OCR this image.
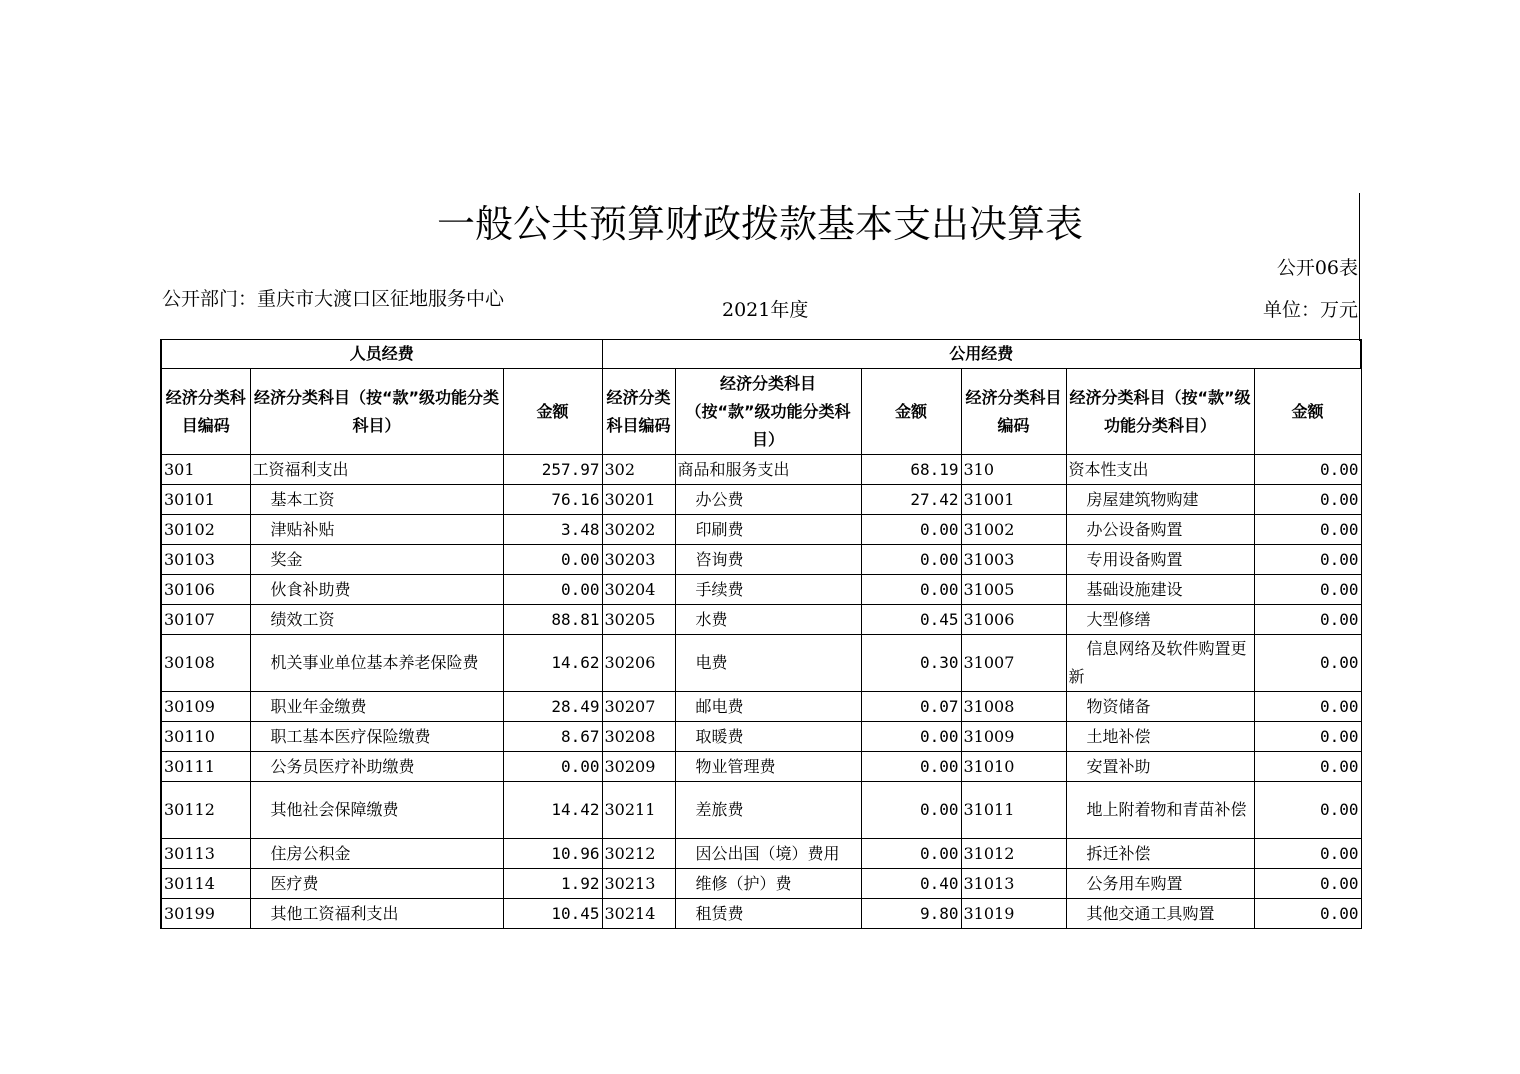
一般公共预算财政拨款基本支出决算表
公开06表
公开部门：重庆市大渡口区征地服务中心	2021年度	单位：万元
人员经费			公用经费					
经济分类科目编码	经济分类科目（按“款”级功能分类科目）	金额	经济分类科目编码	经济分类科目（按“款”级功能分类科目）	金额	经济分类科目编码	经济分类科目（按“款”级功能分类科目）	金额
301	工资福利支出	257.97	302	商品和服务支出	68.19	310	资本性支出	0.00
30101	基本工资	76.16	30201	办公费	27.42	31001	房屋建筑物购建	0.00
30102	津贴补贴	3.48	30202	印刷费	0.00	31002	办公设备购置	0.00
30103	奖金	0.00	30203	咨询费	0.00	31003	专用设备购置	0.00
30106	伙食补助费	0.00	30204	手续费	0.00	31005	基础设施建设	0.00
30107	绩效工资	88.81	30205	水费	0.45	31006	大型修缮	0.00
30108	机关事业单位基本养老保险费	14.62	30206	电费	0.30	31007	信息网络及软件购置更新	0.00
30109	职业年金缴费	28.49	30207	邮电费	0.07	31008	物资储备	0.00
30110	职工基本医疗保险缴费	8.67	30208	取暖费	0.00	31009	土地补偿	0.00
30111	公务员医疗补助缴费	0.00	30209	物业管理费	0.00	31010	安置补助	0.00
30112	其他社会保障缴费	14.42	30211	差旅费	0.00	31011	地上附着物和青苗补偿	0.00
30113	住房公积金	10.96	30212	因公出国（境）费用	0.00	31012	拆迁补偿	0.00
30114	医疗费	1.92	30213	维修（护）费	0.40	31013	公务用车购置	0.00
30199	其他工资福利支出	10.45	30214	租赁费	9.80	31019	其他交通工具购置	0.00
